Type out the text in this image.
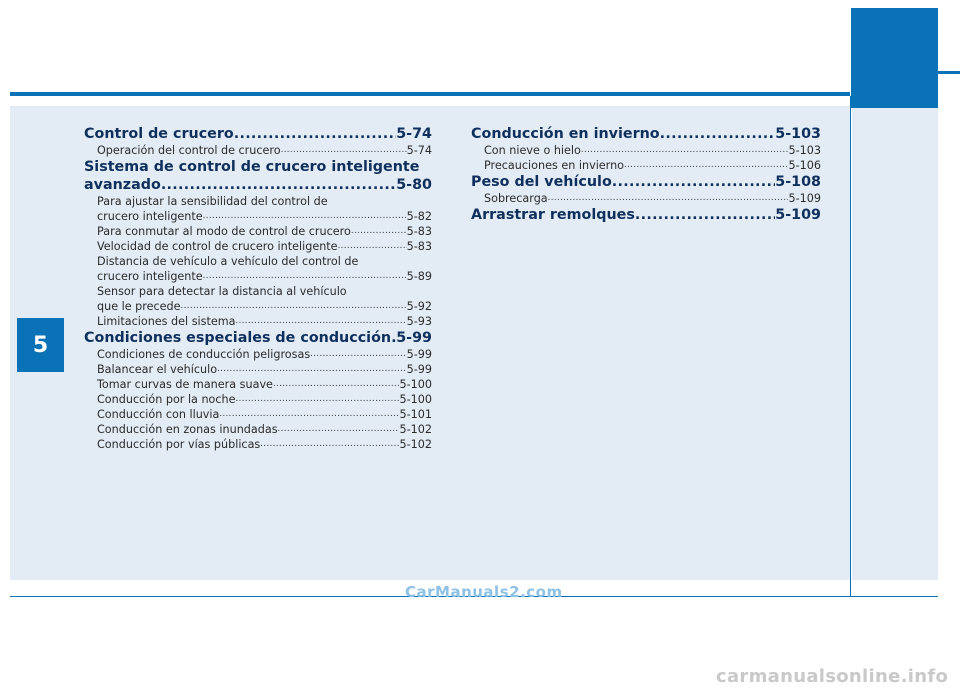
5
Control de crucero .....	5-74
Operación del control de crucero .....	5-74
Sistema de control de crucero inteligente
avanzado .....	5-80
Para ajustar la sensibilidad del control de
crucero inteligente .....	5-82
Para conmutar al modo de control de crucero .....	5-83
Velocidad de control de crucero inteligente .....	5-83
Distancia de vehículo a vehículo del control de
crucero inteligente .....	5-89
Sensor para detectar la distancia al vehículo
que le precede .....	5-92
Limitaciones del sistema .....	5-93
Condiciones especiales de conducción ..... 5-99
Condiciones de conducción peligrosas .....	5-99
Balancear el vehículo .....	5-99
Tomar curvas de manera suave .....	5-100
Conducción por la noche .....	5-100
Conducción con lluvia .....	5-101
Conducción en zonas inundadas .....	5-102
Conducción por vías públicas .....	5-102
Conducción en invierno .....	5-103
Con nieve o hielo .....	5-103
Precauciones en invierno .....	5-106
Peso del vehículo .....	5-108
Sobrecarga .....	5-109
Arrastrar remolques .....	5-109
CarManuals2.com
carmanualsonline.info
